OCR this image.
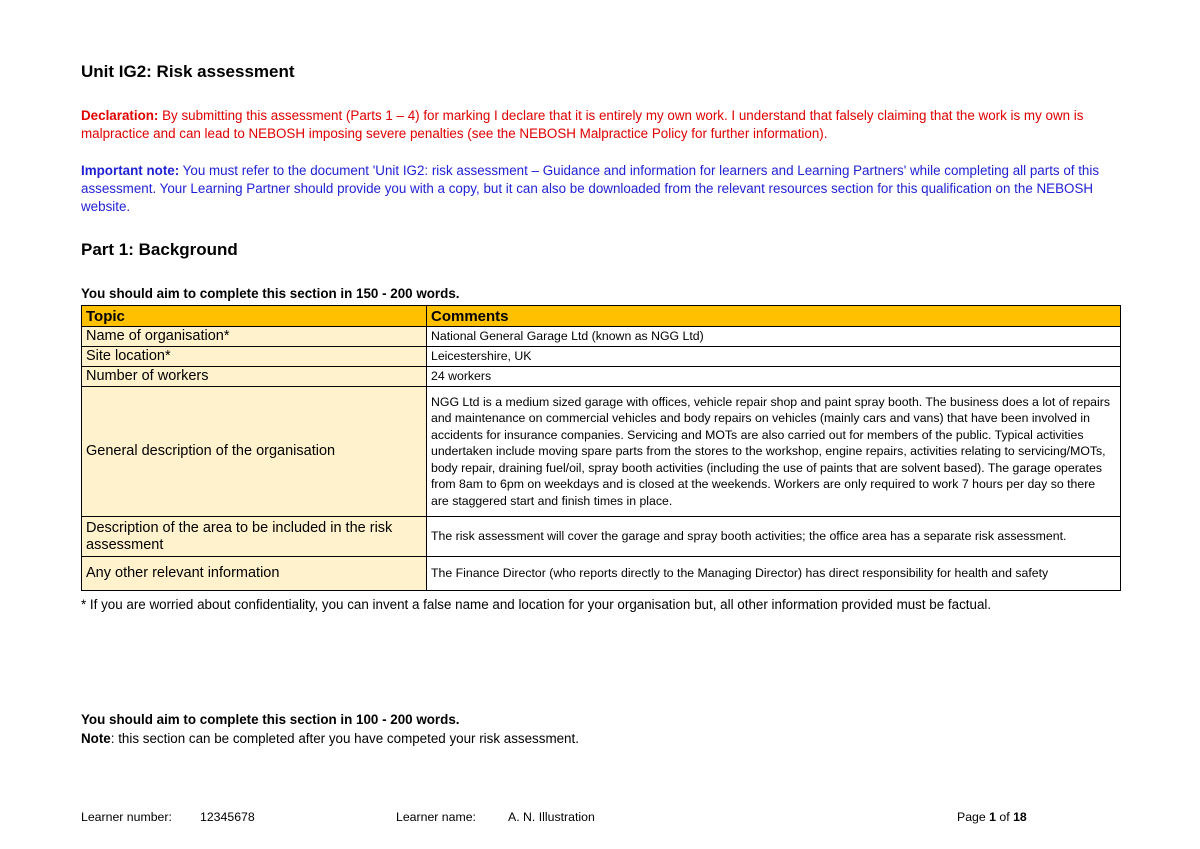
Unit IG2: Risk assessment
Declaration: By submitting this assessment (Parts 1 – 4) for marking I declare that it is entirely my own work. I understand that falsely claiming that the work is my own is malpractice and can lead to NEBOSH imposing severe penalties (see the NEBOSH Malpractice Policy for further information).
Important note: You must refer to the document 'Unit IG2: risk assessment – Guidance and information for learners and Learning Partners' while completing all parts of this assessment. Your Learning Partner should provide you with a copy, but it can also be downloaded from the relevant resources section for this qualification on the NEBOSH website.
Part 1: Background
You should aim to complete this section in 150 - 200 words.
Topic	Comments
Name of organisation*	National General Garage Ltd (known as NGG Ltd)
Site location*	Leicestershire, UK
Number of workers	24 workers
General description of the organisation	NGG Ltd is a medium sized garage with offices, vehicle repair shop and paint spray booth. The business does a lot of repairs and maintenance on commercial vehicles and body repairs on vehicles (mainly cars and vans) that have been involved in accidents for insurance companies. Servicing and MOTs are also carried out for members of the public. Typical activities undertaken include moving spare parts from the stores to the workshop, engine repairs, activities relating to servicing/MOTs, body repair, draining fuel/oil, spray booth activities (including the use of paints that are solvent based). The garage operates from 8am to 6pm on weekdays and is closed at the weekends. Workers are only required to work 7 hours per day so there are staggered start and finish times in place.
Description of the area to be included in the risk assessment	The risk assessment will cover the garage and spray booth activities; the office area has a separate risk assessment.
Any other relevant information	The Finance Director (who reports directly to the Managing Director) has direct responsibility for health and safety
* If you are worried about confidentiality, you can invent a false name and location for your organisation but, all other information provided must be factual.
You should aim to complete this section in 100 - 200 words.
Note: this section can be completed after you have competed your risk assessment.
Learner number: 12345678	Learner name:	A. N. Illustration	Page 1 of 18
